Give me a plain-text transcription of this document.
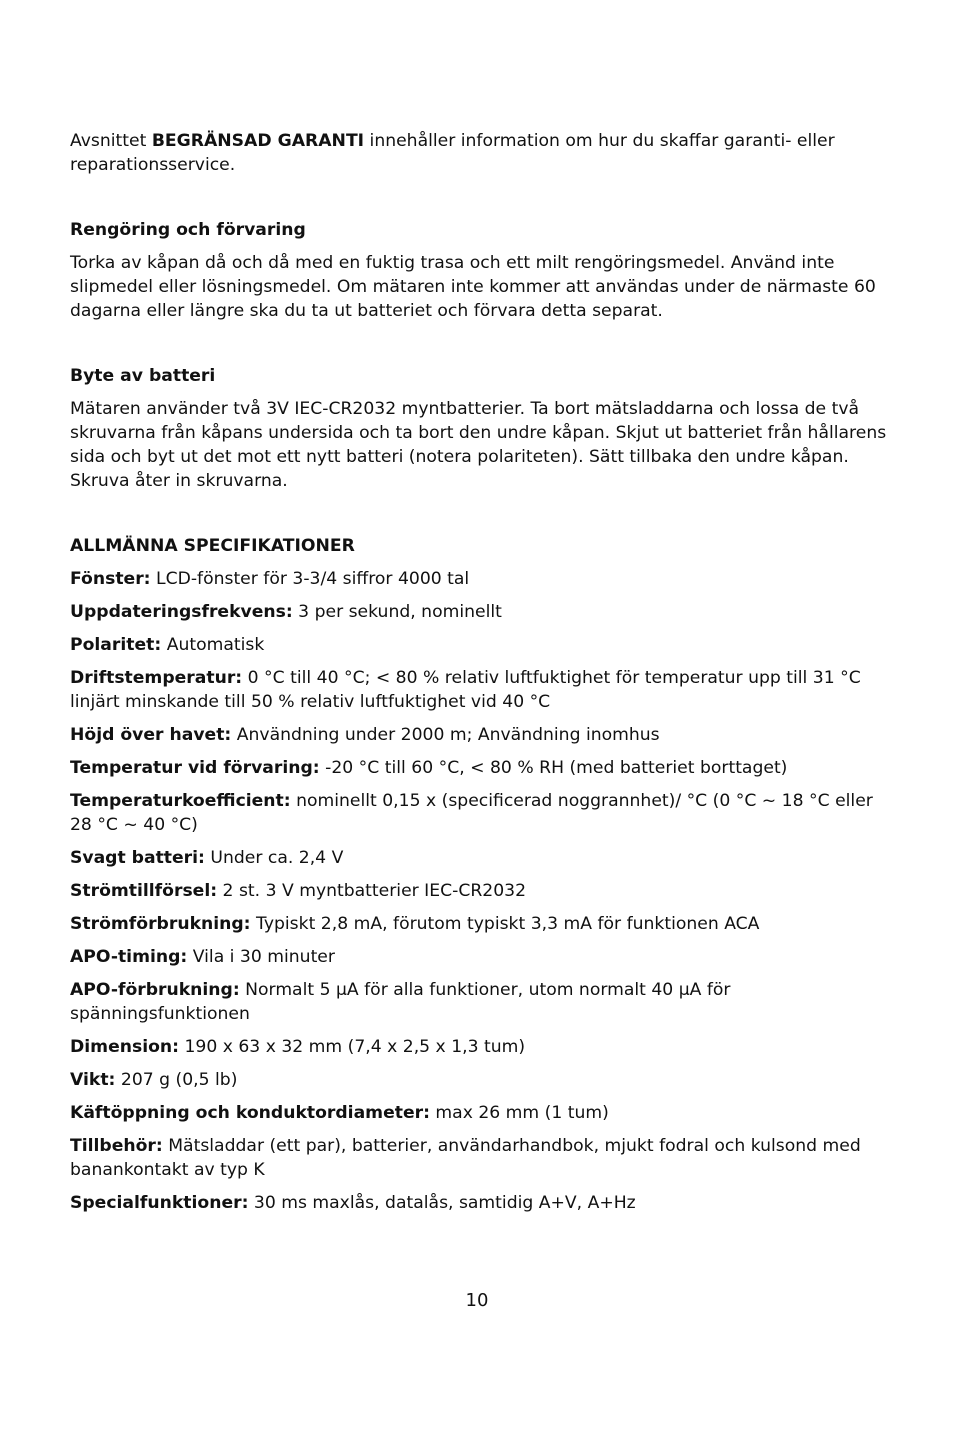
Avsnittet BEGRÄNSAD GARANTI innehåller information om hur du skaffar garanti- eller reparationsservice.

Rengöring och förvaring

Torka av kåpan då och då med en fuktig trasa och ett milt rengöringsmedel. Använd inte slipmedel eller lösningsmedel. Om mätaren inte kommer att användas under de närmaste 60 dagarna eller längre ska du ta ut batteriet och förvara detta separat.

Byte av batteri

Mätaren använder två 3V IEC-CR2032 myntbatterier. Ta bort mätsladdarna och lossa de två skruvarna från kåpans undersida och ta bort den undre kåpan. Skjut ut batteriet från hållarens sida och byt ut det mot ett nytt batteri (notera polariteten). Sätt tillbaka den undre kåpan. Skruva åter in skruvarna.

ALLMÄNNA SPECIFIKATIONER

Fönster: LCD-fönster för 3-3/4 siffror 4000 tal

Uppdateringsfrekvens: 3 per sekund, nominellt

Polaritet: Automatisk

Driftstemperatur: 0 °C till 40 °C; < 80 % relativ luftfuktighet för temperatur upp till 31 °C linjärt minskande till 50 % relativ luftfuktighet vid 40 °C

Höjd över havet: Användning under 2000 m; Användning inomhus

Temperatur vid förvaring: -20 °C till 60 °C, < 80 % RH (med batteriet borttaget)

Temperaturkoefficient: nominellt 0,15 x (specificerad noggrannhet)/ °C (0 °C ~ 18 °C eller 28 °C ~ 40 °C)

Svagt batteri: Under ca. 2,4 V

Strömtillförsel: 2 st. 3 V myntbatterier IEC-CR2032

Strömförbrukning: Typiskt 2,8 mA, förutom typiskt 3,3 mA för funktionen ACA

APO-timing: Vila i 30 minuter

APO-förbrukning: Normalt 5 µA för alla funktioner, utom normalt 40 µA för spänningsfunktionen

Dimension: 190 x 63 x 32 mm (7,4 x 2,5 x 1,3 tum)

Vikt: 207 g (0,5 lb)

Käftöppning och konduktordiameter: max 26 mm (1 tum)

Tillbehör: Mätsladdar (ett par), batterier, användarhandbok, mjukt fodral och kulsond med banankontakt av typ K

Specialfunktioner: 30 ms maxlås, datalås, samtidig A+V, A+Hz

10
